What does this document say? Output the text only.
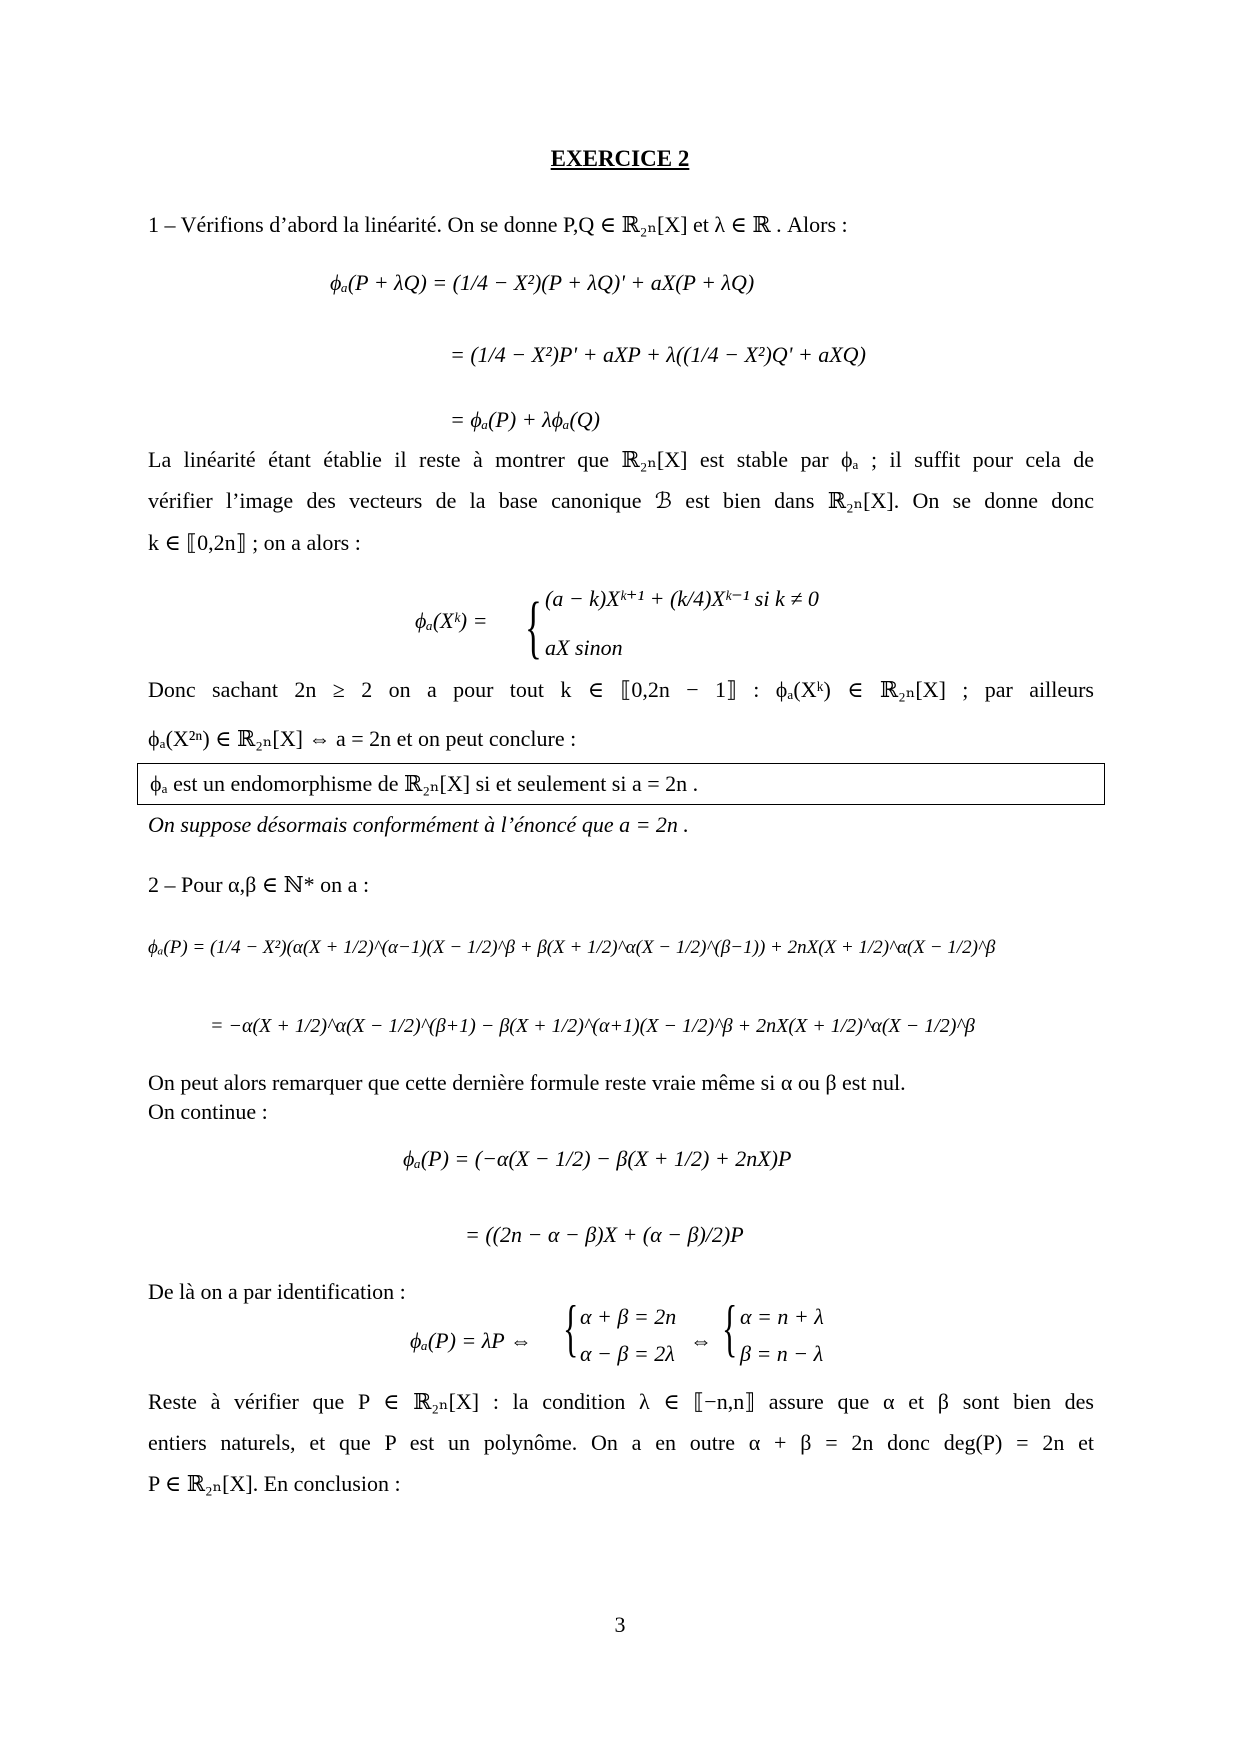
EXERCICE 2
1 – Vérifions d’abord la linéarité. On se donne P,Q ∈ ℝ₂ₙ[X] et λ ∈ ℝ . Alors :
ϕₐ(P + λQ) = (1/4 − X²)(P + λQ)' + aX(P + λQ)
= (1/4 − X²)P' + aXP + λ((1/4 − X²)Q' + aXQ)
= ϕₐ(P) + λϕₐ(Q)
La linéarité étant établie il reste à montrer que ℝ₂ₙ[X] est stable par ϕₐ ; il suffit pour cela de
vérifier l’image des vecteurs de la base canonique ℬ est bien dans ℝ₂ₙ[X]. On se donne donc
k ∈ ⟦0,2n⟧ ; on a alors :
ϕₐ(Xᵏ) = { (a − k)Xᵏ⁺¹ + (k/4)Xᵏ⁻¹ si k ≠ 0
aX sinon
Donc sachant 2n ≥ 2 on a pour tout k ∈ ⟦0,2n − 1⟧ : ϕₐ(Xᵏ) ∈ ℝ₂ₙ[X] ; par ailleurs
ϕₐ(X²ⁿ) ∈ ℝ₂ₙ[X] ⇔ a = 2n et on peut conclure :
ϕₐ est un endomorphisme de ℝ₂ₙ[X] si et seulement si a = 2n .
On suppose désormais conformément à l’énoncé que a = 2n .
2 – Pour α,β ∈ ℕ* on a :
ϕₐ(P) = (1/4 − X²)(α(X + 1/2)^(α−1)(X − 1/2)^β + β(X + 1/2)^α(X − 1/2)^(β−1)) + 2nX(X + 1/2)^α(X − 1/2)^β
= −α(X + 1/2)^α(X − 1/2)^(β+1) − β(X + 1/2)^(α+1)(X − 1/2)^β + 2nX(X + 1/2)^α(X − 1/2)^β
On peut alors remarquer que cette dernière formule reste vraie même si α ou β est nul.
On continue :
ϕₐ(P) = (−α(X − 1/2) − β(X + 1/2) + 2nX)P
= ((2n − α − β)X + (α − β)/2)P
De là on a par identification :
ϕₐ(P) = λP ⇔ { α + β = 2n
α − β = 2λ
⇔ { α = n + λ
β = n − λ
Reste à vérifier que P ∈ ℝ₂ₙ[X] : la condition λ ∈ ⟦−n,n⟧ assure que α et β sont bien des
entiers naturels, et que P est un polynôme. On a en outre α + β = 2n donc deg(P) = 2n et
P ∈ ℝ₂ₙ[X]. En conclusion :
3
